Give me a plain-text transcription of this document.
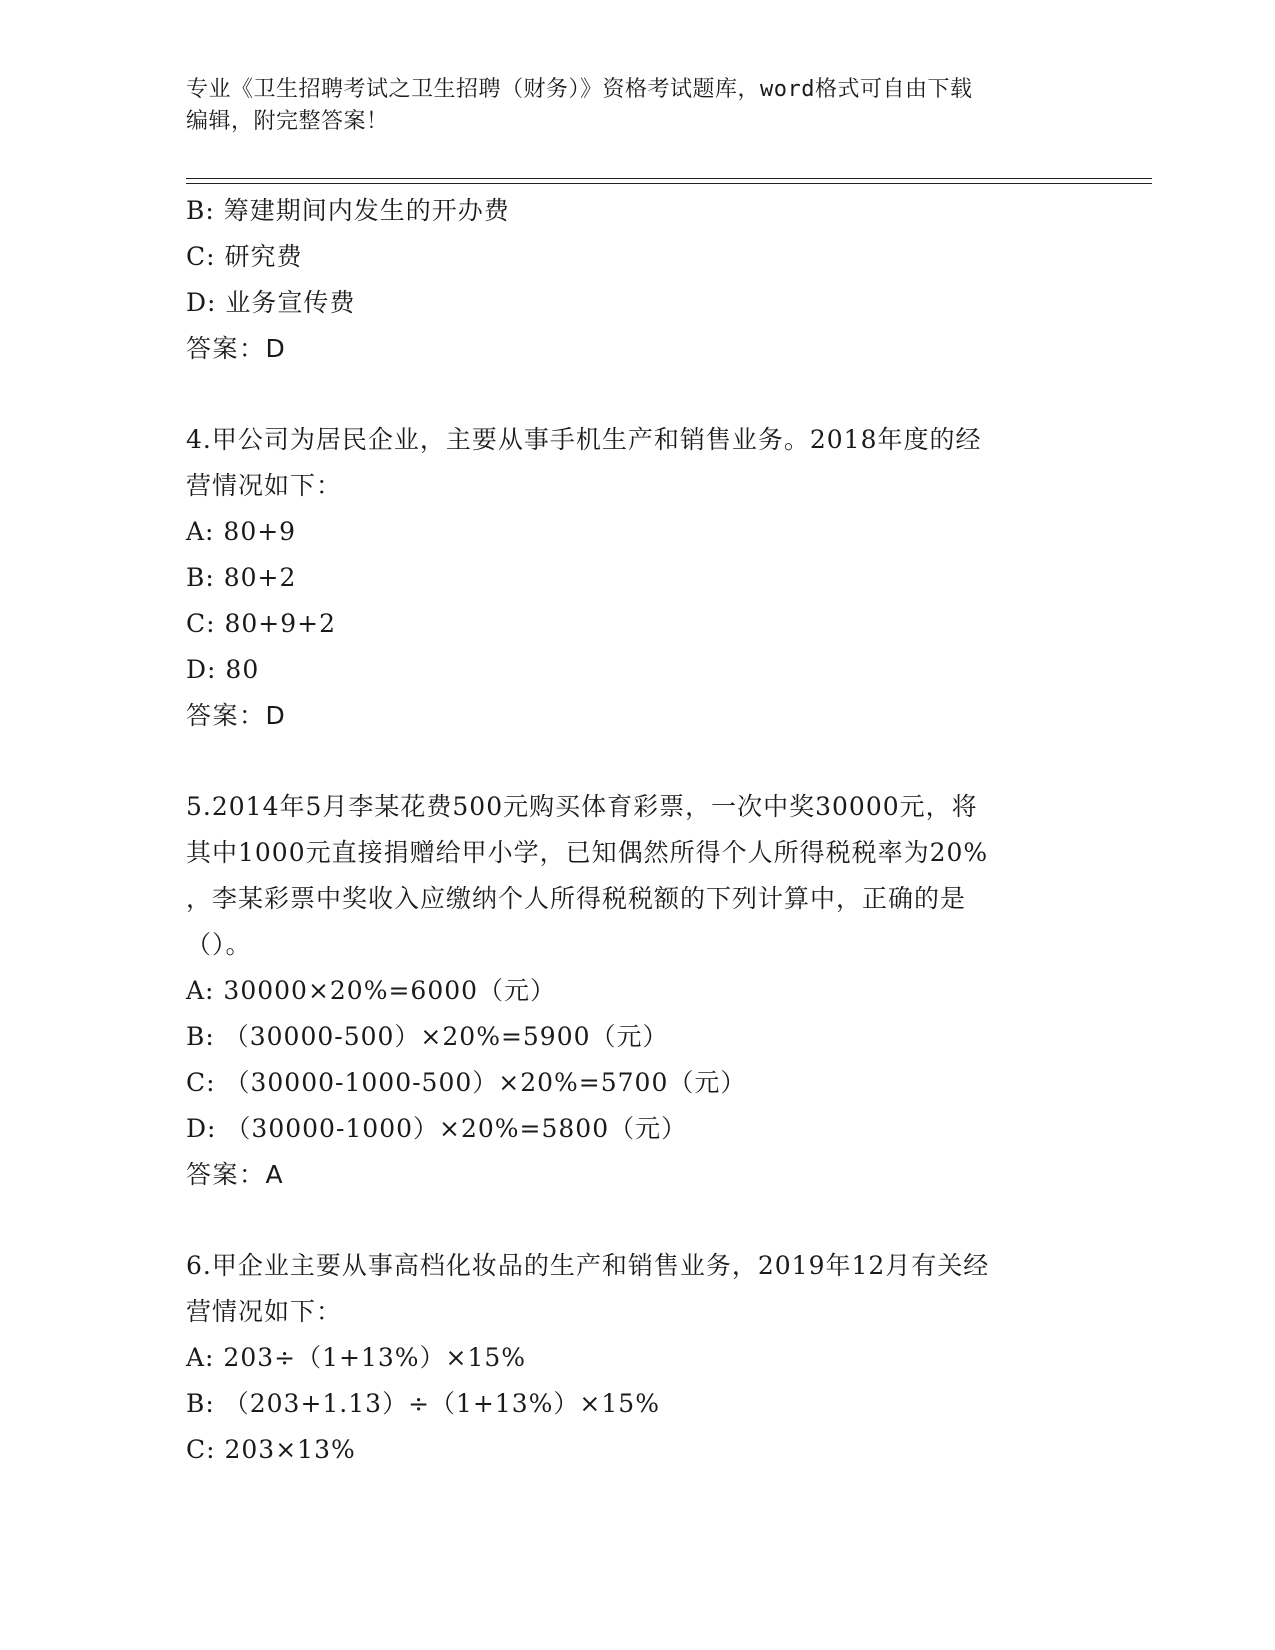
专业《卫生招聘考试之卫生招聘（财务）》资格考试题库，word格式可自由下载
编辑，附完整答案！
B: 筹建期间内发生的开办费
C: 研究费
D: 业务宣传费
答案：D
4.甲公司为居民企业，主要从事手机生产和销售业务。2018年度的经
营情况如下：
A: 80+9
B: 80+2
C: 80+9+2
D: 80
答案：D
5.2014年5月李某花费500元购买体育彩票，一次中奖30000元，将
其中1000元直接捐赠给甲小学，已知偶然所得个人所得税税率为20%
，李某彩票中奖收入应缴纳个人所得税税额的下列计算中，正确的是
（）。
A: 30000×20%=6000（元）
B: （30000-500）×20%=5900（元）
C: （30000-1000-500）×20%=5700（元）
D: （30000-1000）×20%=5800（元）
答案：A
6.甲企业主要从事高档化妆品的生产和销售业务，2019年12月有关经
营情况如下：
A: 203÷（1+13%）×15%
B: （203+1.13）÷（1+13%）×15%
C: 203×13%
